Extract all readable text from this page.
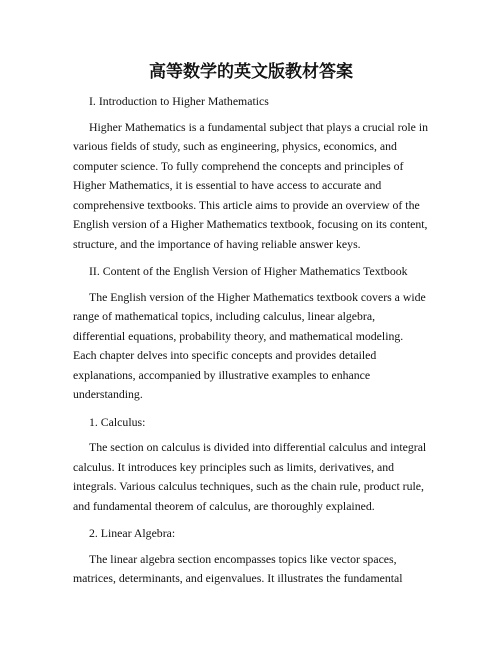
高等数学的英文版教材答案

I. Introduction to Higher Mathematics

Higher Mathematics is a fundamental subject that plays a crucial role in various fields of study, such as engineering, physics, economics, and computer science. To fully comprehend the concepts and principles of Higher Mathematics, it is essential to have access to accurate and comprehensive textbooks. This article aims to provide an overview of the English version of a Higher Mathematics textbook, focusing on its content, structure, and the importance of having reliable answer keys.

II. Content of the English Version of Higher Mathematics Textbook

The English version of the Higher Mathematics textbook covers a wide range of mathematical topics, including calculus, linear algebra, differential equations, probability theory, and mathematical modeling. Each chapter delves into specific concepts and provides detailed explanations, accompanied by illustrative examples to enhance understanding.

1. Calculus:

The section on calculus is divided into differential calculus and integral calculus. It introduces key principles such as limits, derivatives, and integrals. Various calculus techniques, such as the chain rule, product rule, and fundamental theorem of calculus, are thoroughly explained.

2. Linear Algebra:

The linear algebra section encompasses topics like vector spaces, matrices, determinants, and eigenvalues. It illustrates the fundamental
